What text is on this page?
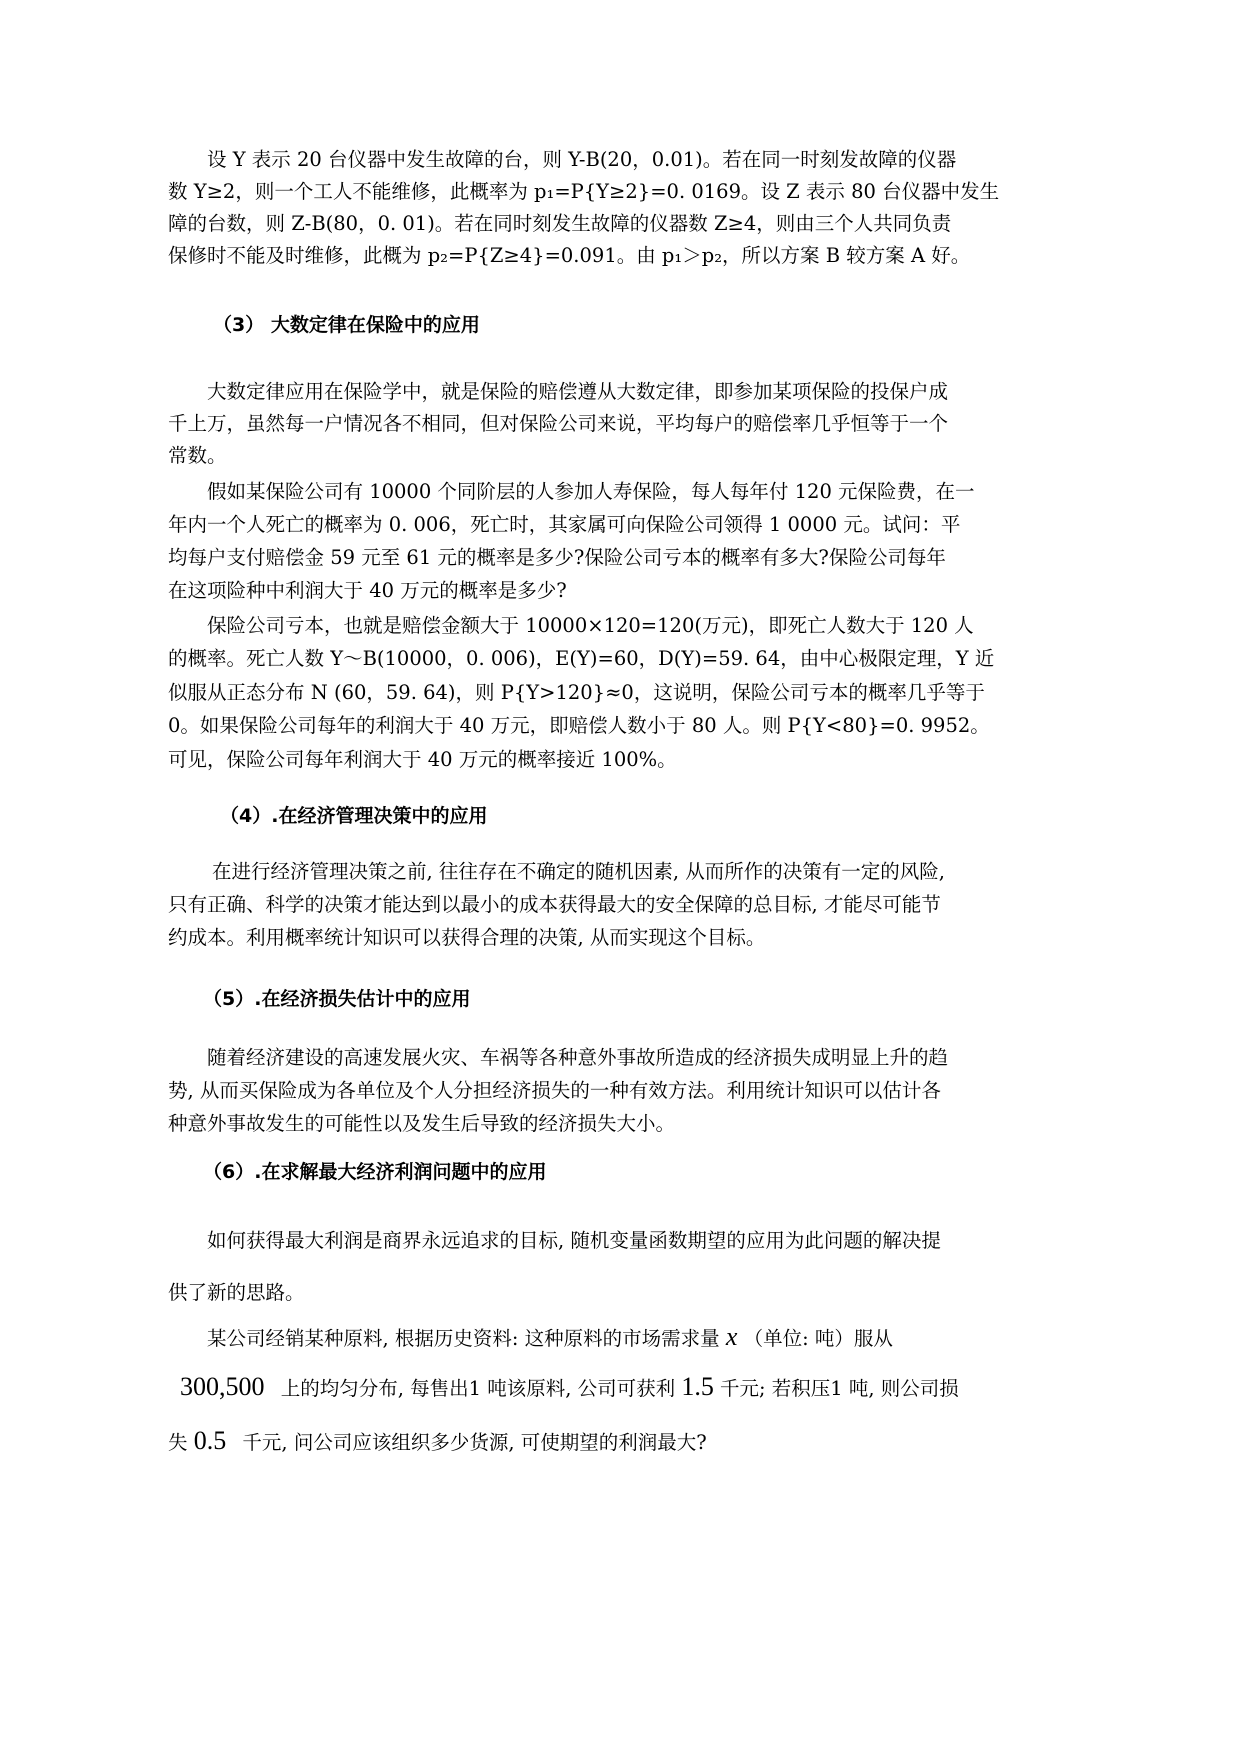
设 Y 表示 20 台仪器中发生故障的台，则 Y-B(20，0.01)。若在同一时刻发故障的仪器
数 Y≥2，则一个工人不能维修，此概率为 p₁=P{Y≥2}=0. 0169。设 Z 表示 80 台仪器中发生
障的台数，则 Z-B(80，0. 01)。若在同时刻发生故障的仪器数 Z≥4，则由三个人共同负责
保修时不能及时维修，此概为 p₂=P{Z≥4}=0.091。由 p₁＞p₂，所以方案 B 较方案 A 好。
（3） 大数定律在保险中的应用
大数定律应用在保险学中，就是保险的赔偿遵从大数定律，即参加某项保险的投保户成
千上万，虽然每一户情况各不相同，但对保险公司来说，平均每户的赔偿率几乎恒等于一个
常数。
假如某保险公司有 10000 个同阶层的人参加人寿保险，每人每年付 120 元保险费，在一
年内一个人死亡的概率为 0. 006，死亡时，其家属可向保险公司领得 1 0000 元。试问：平
均每户支付赔偿金 59 元至 61 元的概率是多少?保险公司亏本的概率有多大?保险公司每年
在这项险种中利润大于 40 万元的概率是多少?
保险公司亏本，也就是赔偿金额大于 10000×120=120(万元)，即死亡人数大于 120 人
的概率。死亡人数 Y～B(10000，0. 006)，E(Y)=60，D(Y)=59. 64，由中心极限定理，Y 近
似服从正态分布 N (60，59. 64)，则 P{Y>120}≈0，这说明，保险公司亏本的概率几乎等于
0。如果保险公司每年的利润大于 40 万元，即赔偿人数小于 80 人。则 P{Y<80}=0. 9952。
可见，保险公司每年利润大于 40 万元的概率接近 100%。
（4）.在经济管理决策中的应用
在进行经济管理决策之前, 往往存在不确定的随机因素, 从而所作的决策有一定的风险,
只有正确、科学的决策才能达到以最小的成本获得最大的安全保障的总目标, 才能尽可能节
约成本。利用概率统计知识可以获得合理的决策, 从而实现这个目标。
（5）.在经济损失估计中的应用
随着经济建设的高速发展火灾、车祸等各种意外事故所造成的经济损失成明显上升的趋
势, 从而买保险成为各单位及个人分担经济损失的一种有效方法。利用统计知识可以估计各
种意外事故发生的可能性以及发生后导致的经济损失大小。
（6）.在求解最大经济利润问题中的应用
如何获得最大利润是商界永远追求的目标, 随机变量函数期望的应用为此问题的解决提
供了新的思路。
某公司经销某种原料, 根据历史资料: 这种原料的市场需求量 x （单位: 吨）服从
300,500 上的均匀分布, 每售出1 吨该原料, 公司可获利 1.5 千元; 若积压1 吨, 则公司损
失 0.5 千元, 问公司应该组织多少货源, 可使期望的利润最大?
